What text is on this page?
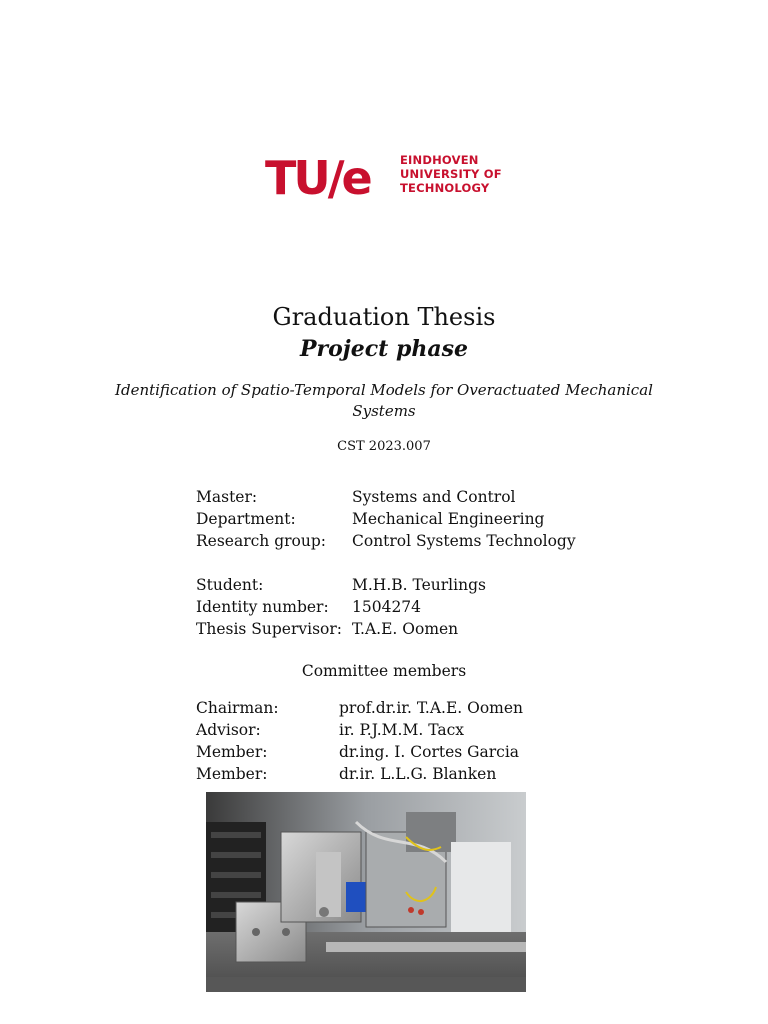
TU/e	EINDHOVEN
UNIVERSITY OF
TECHNOLOGY
Graduation Thesis
Project phase
Identification of Spatio-Temporal Models for Overactuated Mechanical Systems
CST 2023.007
Master:	Systems and Control
Department:	Mechanical Engineering
Research group:	Control Systems Technology
Student:	M.H.B. Teurlings
Identity number:	1504274
Thesis Supervisor: T.A.E. Oomen
Committee members
Chairman:	prof.dr.ir. T.A.E. Oomen
Advisor:	ir. P.J.M.M. Tacx
Member:	dr.ing. I. Cortes Garcia
Member:	dr.ir. L.L.G. Blanken
